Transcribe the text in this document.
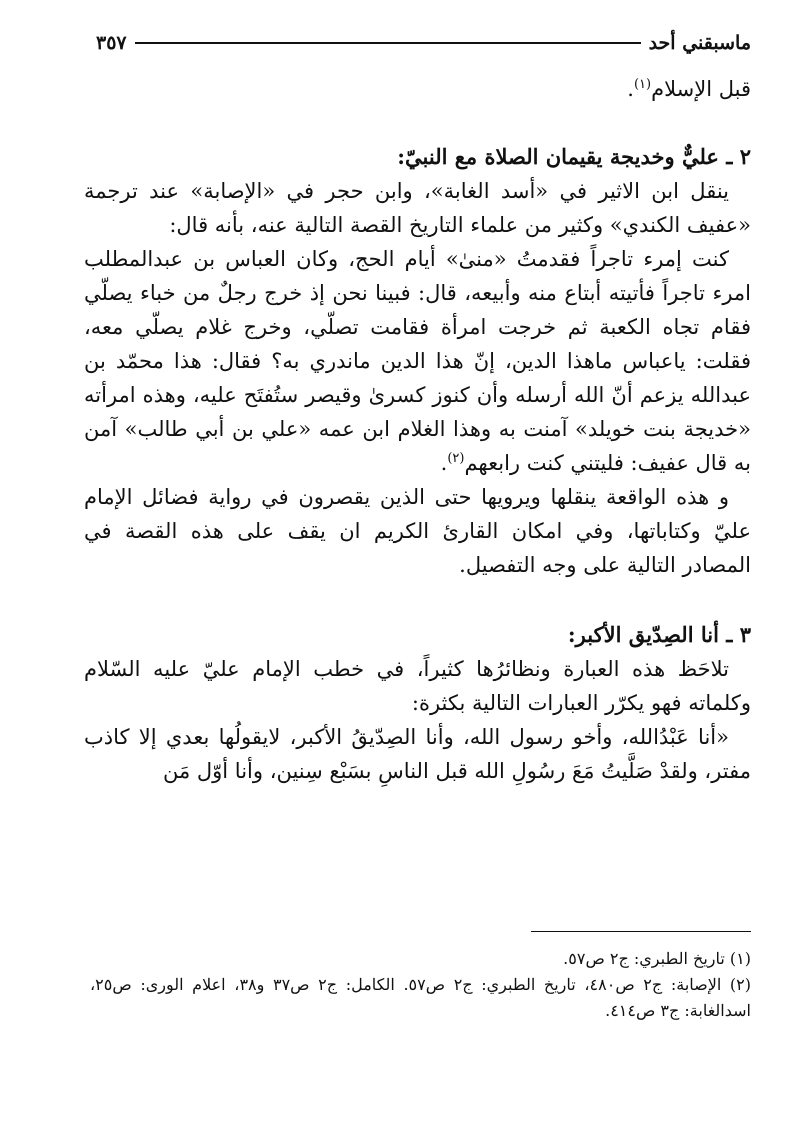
ماسبقني أحد
٣٥٧

قبل الإسلام$^{(١)}$.

٢ ـ عليٌّ وخديجة يقيمان الصلاة مع النبيّ:

ينقل ابن الاثير في «أسد الغابة»، وابن حجر في «الإصابة» عند ترجمة «عفيف الكندي» وكثير من علماء التاريخ القصة التالية عنه، بأنه قال:

كنت إمرء تاجراً فقدمتُ «منىٰ» أيام الحج، وكان العباس بن عبدالمطلب امرء تاجراً فأتيته أبتاع منه وأبيعه، قال: فبينا نحن إذ خرج رجلٌ من خباء يصلّي فقام تجاه الكعبة ثم خرجت امرأة فقامت تصلّي، وخرج غلام يصلّي معه، فقلت: ياعباس ماهذا الدين، إنّ هذا الدين ماندري به؟ فقال: هذا محمّد بن عبدالله يزعم أنّ الله أرسله وأن كنوز كسرىٰ وقيصر ستُفتَح عليه، وهذه امرأته «خديجة بنت خويلد» آمنت به وهذا الغلام ابن عمه «علي بن أبي طالب» آمن به قال عفيف: فليتني كنت رابعهم$^{(٢)}$.

و هذه الواقعة ينقلها ويرويها حتى الذين يقصرون في رواية فضائل الإمام عليّ وكتاباتها، وفي امكان القارئ الكريم ان يقف على هذه القصة في المصادر التالية على وجه التفصيل.

٣ ـ أنا الصِدّيق الأكبر:

تلاحَظ هذه العبارة ونظائرُها كثيراً، في خطب الإمام عليّ عليه السّلام وكلماته فهو يكرّر العبارات التالية بكثرة:

«أنا عَبْدُالله، وأخو رسول الله، وأنا الصِدّيقُ الأكبر، لايقولُها بعدي إلا كاذب مفتر، ولقدْ صَلَّيتُ مَعَ رسُولِ الله قبل الناسِ بسَبْع سِنين، وأنا أوّل مَن

(١) تاريخ الطبري: ج٢ ص٥٧.

(٢) الإصابة: ج٢ ص٤٨٠، تاريخ الطبري: ج٢ ص٥٧. الكامل: ج٢ ص٣٧ و٣٨، اعلام الورى: ص٢٥، اسدالغابة: ج٣ ص٤١٤.
